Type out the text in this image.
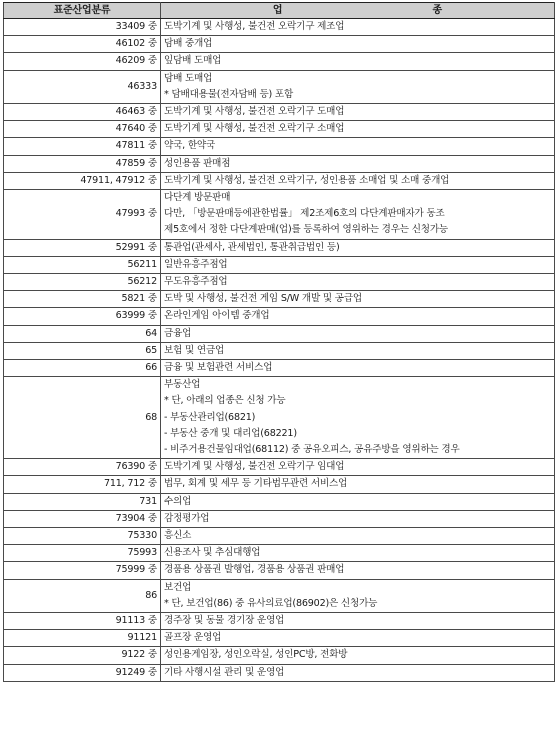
표준산업분류	업 종

33409 중	도박기계 및 사행성, 불건전 오락기구 제조업

46102 중	담배 중개업

46209 중	잎담배 도매업

46333	담배 도매업
* 담배대용물(전자담배 등) 포함

46463 중	도박기계 및 사행성, 불건전 오락기구 도매업

47640 중	도박기계 및 사행성, 불건전 오락기구 소매업

47811 중	약국, 한약국

47859 중	성인용품 판매점

47911, 47912 중	도박기계 및 사행성, 불건전 오락기구, 성인용품 소매업 및 소매 중개업

47993 중	다단계 방문판매
다만, 「방문판매등에관한법률」 제2조제6호의 다단계판매자가 동조
제5호에서 정한 다단계판매(업)를 등록하여 영위하는 경우는 신청가능

52991 중	통관업(관세사, 관세법인, 통관취급법인 등)

56211	일반유흥주점업

56212	무도유흥주점업

5821 중	도박 및 사행성, 불건전 게임 S/W 개발 및 공급업

63999 중	온라인게임 아이템 중개업

64	금융업

65	보험 및 연금업

66	금융 및 보험관련 서비스업

68	부동산업
* 단, 아래의 업종은 신청 가능
- 부동산관리업(6821)
- 부동산 중개 및 대리업(68221)
- 비주거용건물임대업(68112) 중 공유오피스, 공유주방을 영위하는 경우

76390 중	도박기계 및 사행성, 불건전 오락기구 임대업

711, 712 중	법무, 회계 및 세무 등 기타법무관련 서비스업

731	수의업

73904 중	감정평가업

75330	흥신소

75993	신용조사 및 추심대행업

75999 중	경품용 상품권 발행업, 경품용 상품권 판매업

86	보건업
* 단, 보건업(86) 중 유사의료업(86902)은 신청가능

91113 중	경주장 및 동물 경기장 운영업

91121	골프장 운영업

9122 중	성인용게임장, 성인오락실, 성인PC방, 전화방

91249 중	기타 사행시설 관리 및 운영업
